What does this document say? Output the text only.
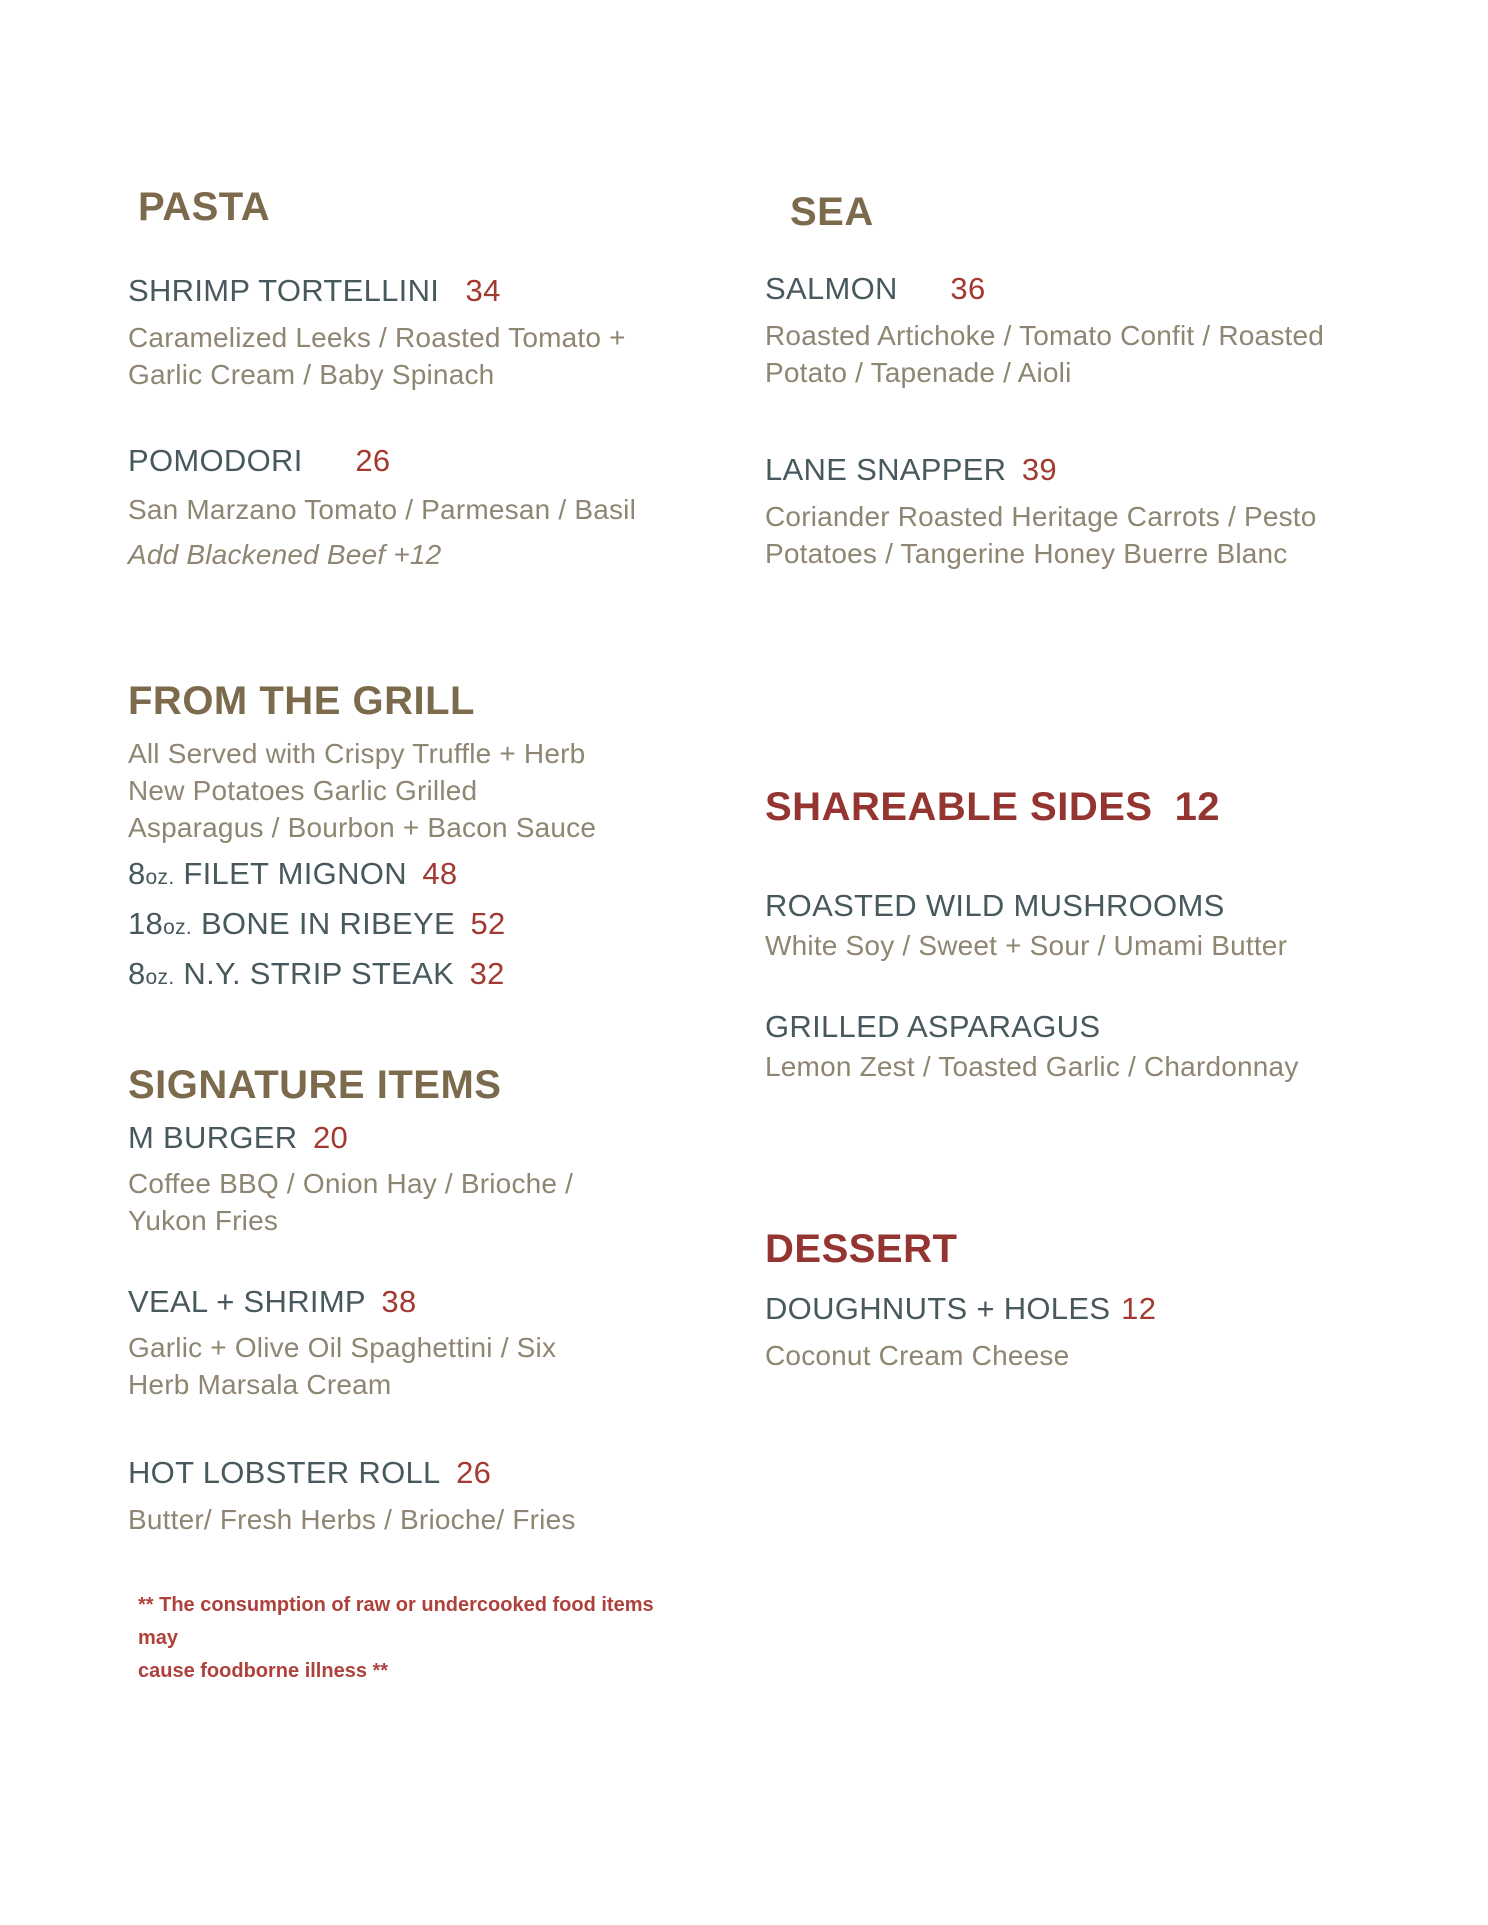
PASTA
SHRIMP TORTELLINI 34
Caramelized Leeks / Roasted Tomato +
Garlic Cream / Baby Spinach
POMODORI 26
San Marzano Tomato / Parmesan / Basil
Add Blackened Beef +12
FROM THE GRILL
All Served with Crispy Truffle + Herb
New Potatoes Garlic Grilled
Asparagus / Bourbon + Bacon Sauce
8oz. FILET MIGNON 48
18oz. BONE IN RIBEYE 52
8oz. N.Y. STRIP STEAK 32
SIGNATURE ITEMS
M BURGER 20
Coffee BBQ / Onion Hay / Brioche /
Yukon Fries
VEAL + SHRIMP 38
Garlic + Olive Oil Spaghettini / Six
Herb Marsala Cream
HOT LOBSTER ROLL 26
Butter/ Fresh Herbs / Brioche/ Fries
** The consumption of raw or undercooked food items may
cause foodborne illness **
SEA
SALMON 36
Roasted Artichoke / Tomato Confit / Roasted
Potato / Tapenade / Aioli
LANE SNAPPER 39
Coriander Roasted Heritage Carrots / Pesto
Potatoes / Tangerine Honey Buerre Blanc
SHAREABLE SIDES 12
ROASTED WILD MUSHROOMS
White Soy / Sweet + Sour / Umami Butter
GRILLED ASPARAGUS
Lemon Zest / Toasted Garlic / Chardonnay
DESSERT
DOUGHNUTS + HOLES 12
Coconut Cream Cheese
